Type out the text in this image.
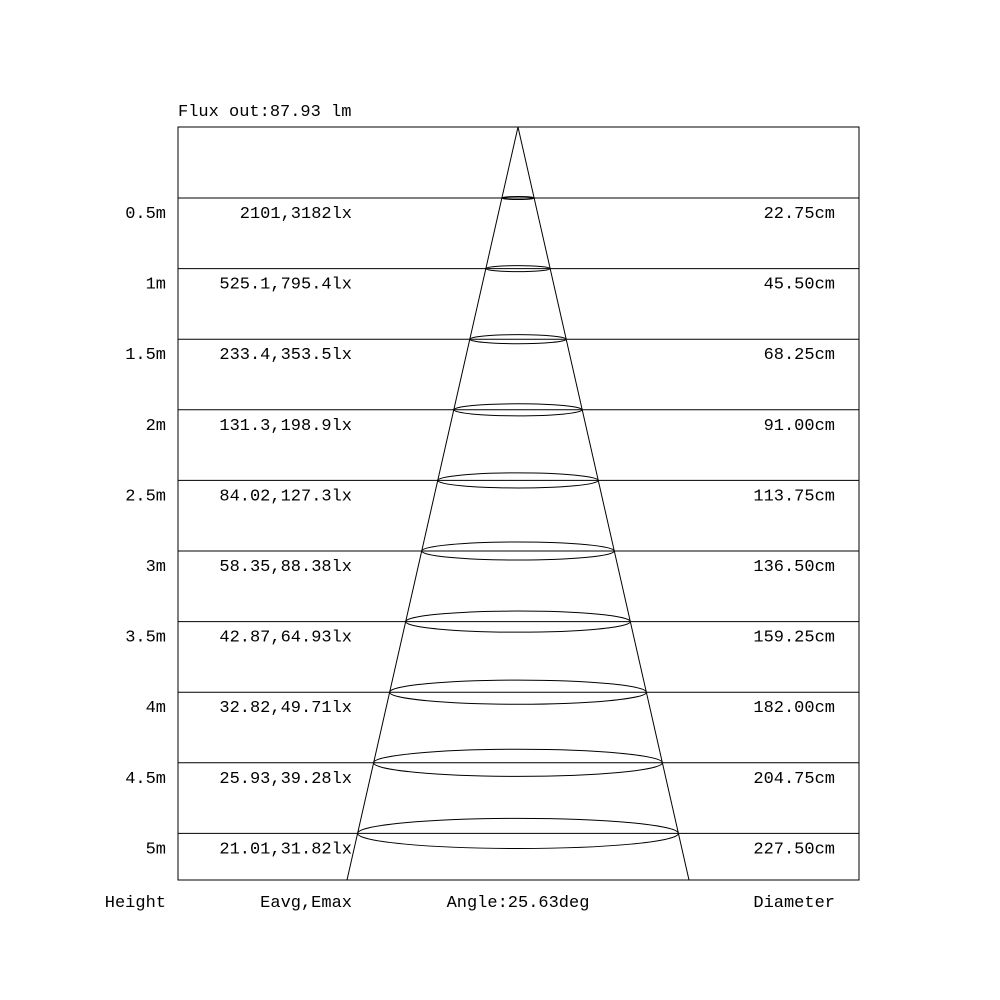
Flux out:87.93 lm
0.5m	2101,3182lx	22.75cm
1m	525.1,795.4lx	45.50cm
1.5m	233.4,353.5lx	68.25cm
2m	131.3,198.9lx	91.00cm
2.5m	84.02,127.3lx	113.75cm
3m	58.35,88.38lx	136.50cm
3.5m	42.87,64.93lx	159.25cm
4m	32.82,49.71lx	182.00cm
4.5m	25.93,39.28lx	204.75cm
5m	21.01,31.82lx	227.50cm
Height	Eavg,Emax	Angle:25.63deg	Diameter
